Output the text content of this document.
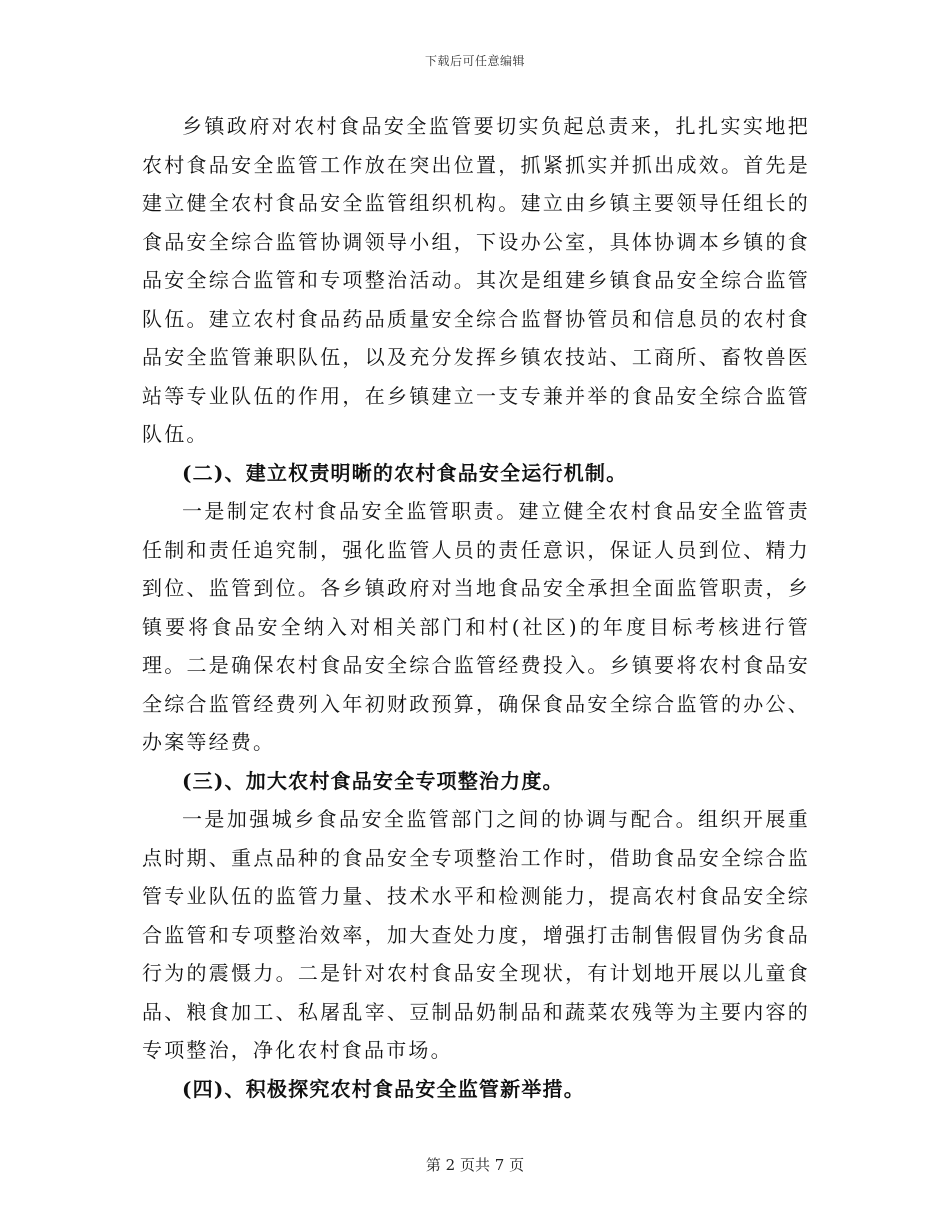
下载后可任意编辑

乡镇政府对农村食品安全监管要切实负起总责来，扎扎实实地把农村食品安全监管工作放在突出位置，抓紧抓实并抓出成效。首先是建立健全农村食品安全监管组织机构。建立由乡镇主要领导任组长的食品安全综合监管协调领导小组，下设办公室，具体协调本乡镇的食品安全综合监管和专项整治活动。其次是组建乡镇食品安全综合监管队伍。建立农村食品药品质量安全综合监督协管员和信息员的农村食品安全监管兼职队伍，以及充分发挥乡镇农技站、工商所、畜牧兽医站等专业队伍的作用，在乡镇建立一支专兼并举的食品安全综合监管队伍。

(二)、建立权责明晰的农村食品安全运行机制。

一是制定农村食品安全监管职责。建立健全农村食品安全监管责任制和责任追究制，强化监管人员的责任意识，保证人员到位、精力到位、监管到位。各乡镇政府对当地食品安全承担全面监管职责，乡镇要将食品安全纳入对相关部门和村(社区)的年度目标考核进行管理。二是确保农村食品安全综合监管经费投入。乡镇要将农村食品安全综合监管经费列入年初财政预算，确保食品安全综合监管的办公、办案等经费。

(三)、加大农村食品安全专项整治力度。

一是加强城乡食品安全监管部门之间的协调与配合。组织开展重点时期、重点品种的食品安全专项整治工作时，借助食品安全综合监管专业队伍的监管力量、技术水平和检测能力，提高农村食品安全综合监管和专项整治效率，加大查处力度，增强打击制售假冒伪劣食品行为的震慑力。二是针对农村食品安全现状，有计划地开展以儿童食品、粮食加工、私屠乱宰、豆制品奶制品和蔬菜农残等为主要内容的专项整治，净化农村食品市场。

(四)、积极探究农村食品安全监管新举措。

第 2 页共 7 页
